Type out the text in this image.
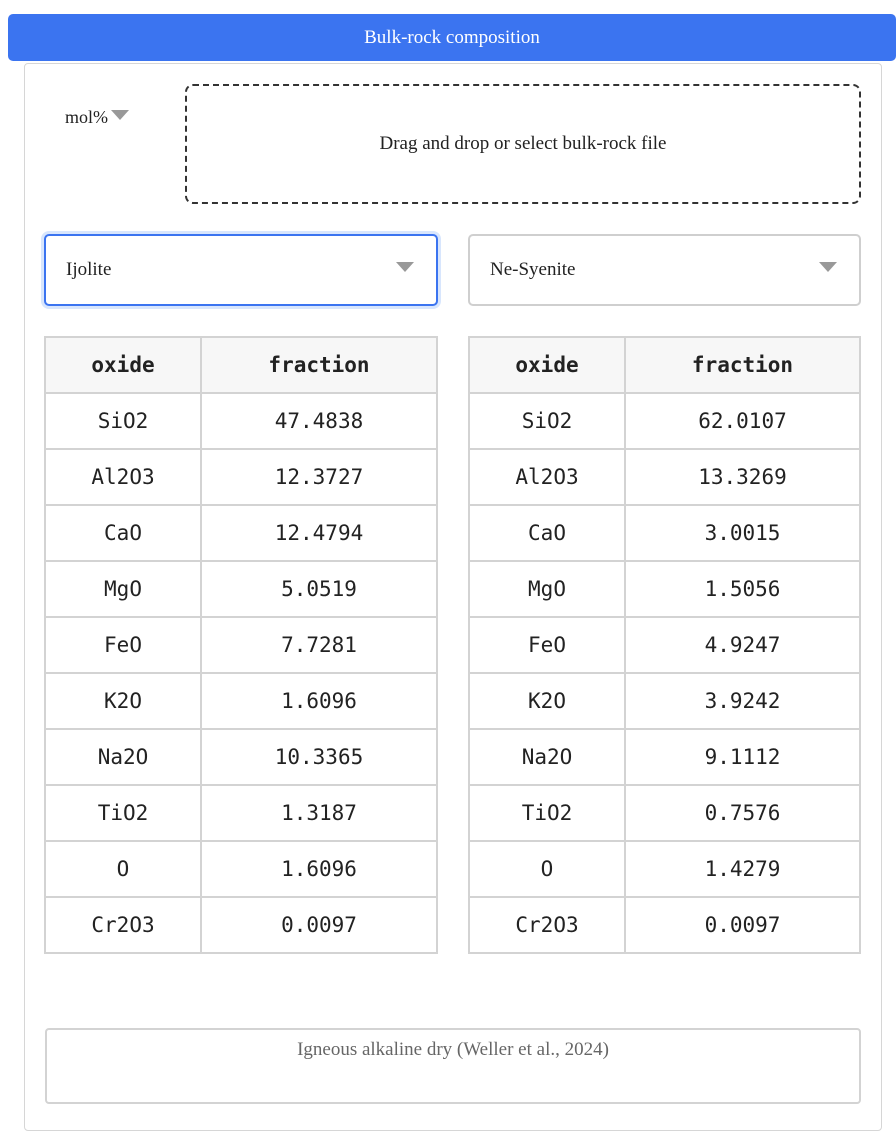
Bulk-rock composition
mol%
Drag and drop or select bulk-rock file
Ijolite	Ne-Syenite
oxide	fraction
SiO2	47.4838
Al2O3	12.3727
CaO	12.4794
MgO	5.0519
FeO	7.7281
K2O	1.6096
Na2O	10.3365
TiO2	1.3187
O	1.6096
Cr2O3	0.0097
oxide	fraction
SiO2	62.0107
Al2O3	13.3269
CaO	3.0015
MgO	1.5056
FeO	4.9247
K2O	3.9242
Na2O	9.1112
TiO2	0.7576
O	1.4279
Cr2O3	0.0097
Igneous alkaline dry (Weller et al., 2024)
